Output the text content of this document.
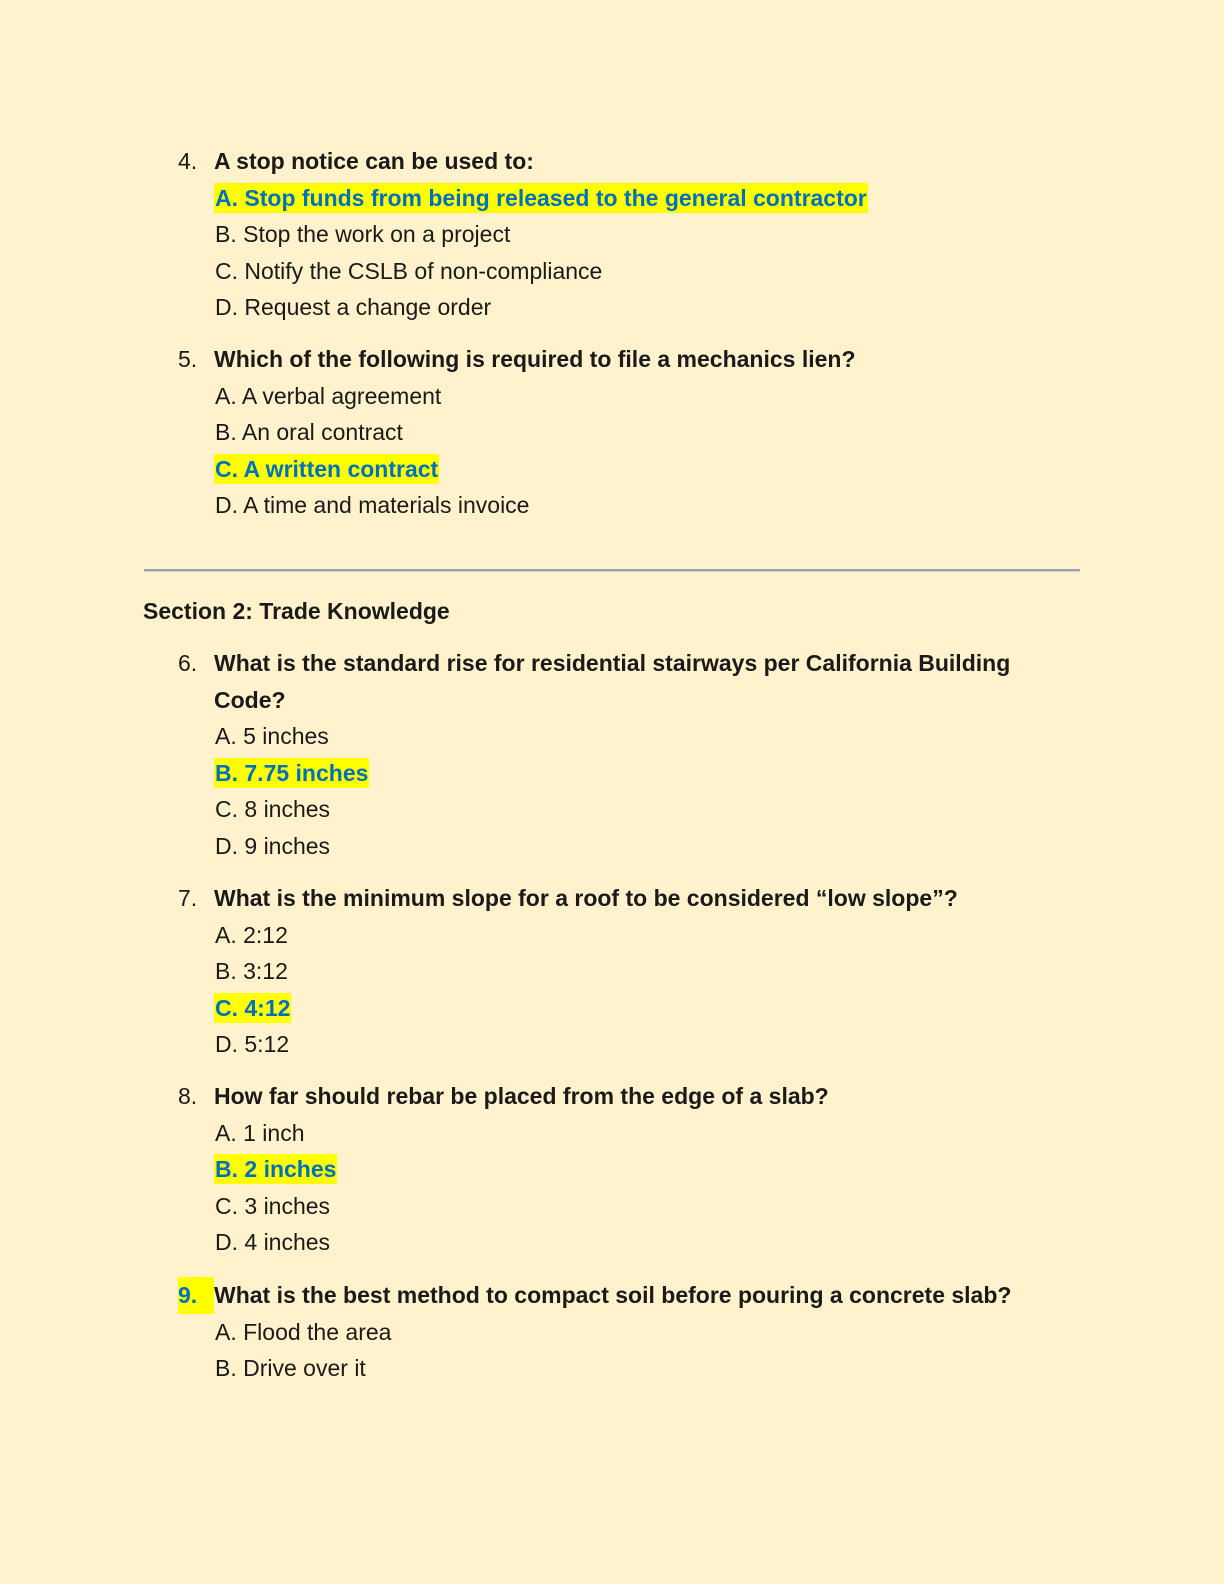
4. A stop notice can be used to:
A. Stop funds from being released to the general contractor
B. Stop the work on a project
C. Notify the CSLB of non-compliance
D. Request a change order
5. Which of the following is required to file a mechanics lien?
A. A verbal agreement
B. An oral contract
C. A written contract
D. A time and materials invoice
Section 2: Trade Knowledge
6. What is the standard rise for residential stairways per California Building Code?
A. 5 inches
B. 7.75 inches
C. 8 inches
D. 9 inches
7. What is the minimum slope for a roof to be considered “low slope”?
A. 2:12
B. 3:12
C. 4:12
D. 5:12
8. How far should rebar be placed from the edge of a slab?
A. 1 inch
B. 2 inches
C. 3 inches
D. 4 inches
9. What is the best method to compact soil before pouring a concrete slab?
A. Flood the area
B. Drive over it
